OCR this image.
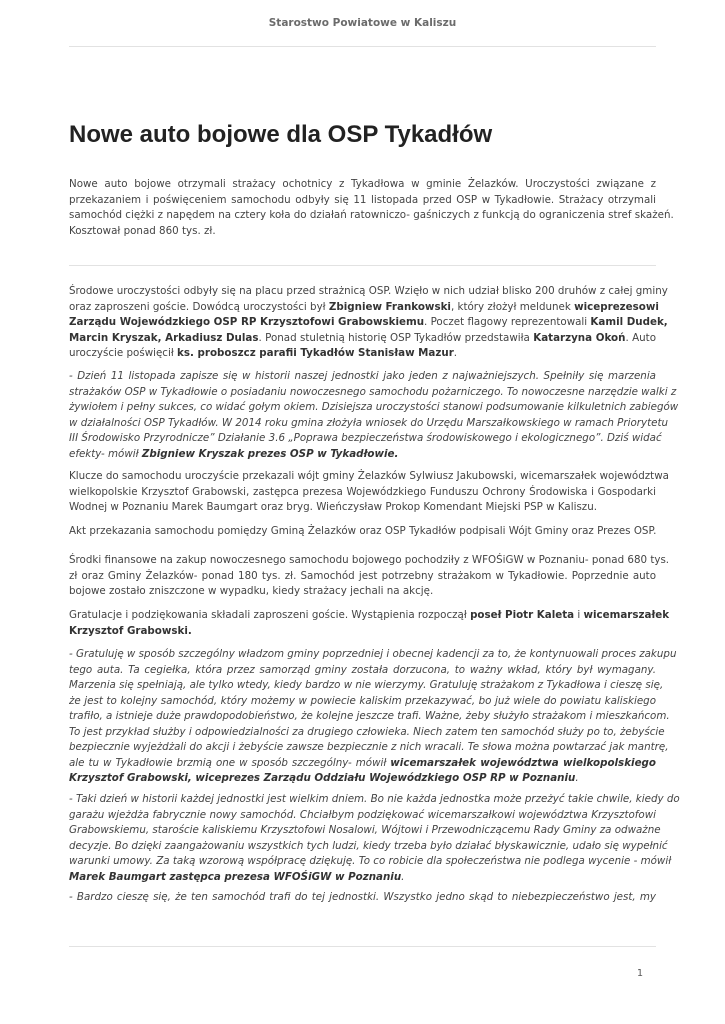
Starostwo Powiatowe w Kaliszu
Nowe auto bojowe dla OSP Tykadłów
Nowe auto bojowe otrzymali strażacy ochotnicy z Tykadłowa w gminie Żelazków. Uroczystości związane z
przekazaniem i poświęceniem samochodu odbyły się 11 listopada przed OSP w Tykadłowie. Strażacy otrzymali
samochód ciężki z napędem na cztery koła do działań ratowniczo- gaśniczych z funkcją do ograniczenia stref skażeń.
Kosztował ponad 860 tys. zł.
Środowe uroczystości odbyły się na placu przed strażnicą OSP. Wzięło w nich udział blisko 200 druhów z całej gminy
oraz zaproszeni goście. Dowódcą uroczystości był Zbigniew Frankowski, który złożył meldunek wiceprezesowi
Zarządu Wojewódzkiego OSP RP Krzysztofowi Grabowskiemu. Poczet flagowy reprezentowali Kamil Dudek,
Marcin Kryszak, Arkadiusz Dulas. Ponad stuletnią historię OSP Tykadłów przedstawiła Katarzyna Okoń. Auto
uroczyście poświęcił ks. proboszcz parafii Tykadłów Stanisław Mazur.
- Dzień 11 listopada zapisze się w historii naszej jednostki jako jeden z najważniejszych. Spełniły się marzenia
strażaków OSP w Tykadłowie o posiadaniu nowoczesnego samochodu pożarniczego. To nowoczesne narzędzie walki z
żywiołem i pełny sukces, co widać gołym okiem. Dzisiejsza uroczystości stanowi podsumowanie kilkuletnich zabiegów
w działalności OSP Tykadłów. W 2014 roku gmina złożyła wniosek do Urzędu Marszałkowskiego w ramach Priorytetu
III Środowisko Przyrodnicze” Działanie 3.6 „Poprawa bezpieczeństwa środowiskowego i ekologicznego”. Dziś widać
efekty- mówił Zbigniew Kryszak prezes OSP w Tykadłowie.
Klucze do samochodu uroczyście przekazali wójt gminy Żelazków Sylwiusz Jakubowski, wicemarszałek województwa
wielkopolskie Krzysztof Grabowski, zastępca prezesa Wojewódzkiego Funduszu Ochrony Środowiska i Gospodarki
Wodnej w Poznaniu Marek Baumgart oraz bryg. Wieńczysław Prokop Komendant Miejski PSP w Kaliszu.
Akt przekazania samochodu pomiędzy Gminą Żelazków oraz OSP Tykadłów podpisali Wójt Gminy oraz Prezes OSP.
Środki finansowe na zakup nowoczesnego samochodu bojowego pochodziły z WFOŚiGW w Poznaniu- ponad 680 tys.
zł oraz Gminy Żelazków- ponad 180 tys. zł. Samochód jest potrzebny strażakom w Tykadłowie. Poprzednie auto
bojowe zostało zniszczone w wypadku, kiedy strażacy jechali na akcję.
Gratulacje i podziękowania składali zaproszeni goście. Wystąpienia rozpoczął poseł Piotr Kaleta i wicemarszałek
Krzysztof Grabowski.
- Gratuluję w sposób szczególny władzom gminy poprzedniej i obecnej kadencji za to, że kontynuowali proces zakupu
tego auta. Ta cegiełka, która przez samorząd gminy została dorzucona, to ważny wkład, który był wymagany.
Marzenia się spełniają, ale tylko wtedy, kiedy bardzo w nie wierzymy. Gratuluję strażakom z Tykadłowa i cieszę się,
że jest to kolejny samochód, który możemy w powiecie kaliskim przekazywać, bo już wiele do powiatu kaliskiego
trafiło, a istnieje duże prawdopodobieństwo, że kolejne jeszcze trafi. Ważne, żeby służyło strażakom i mieszkańcom.
To jest przykład służby i odpowiedzialności za drugiego człowieka. Niech zatem ten samochód służy po to, żebyście
bezpiecznie wyjeżdżali do akcji i żebyście zawsze bezpiecznie z nich wracali. Te słowa można powtarzać jak mantrę,
ale tu w Tykadłowie brzmią one w sposób szczególny- mówił wicemarszałek województwa wielkopolskiego
Krzysztof Grabowski, wiceprezes Zarządu Oddziału Wojewódzkiego OSP RP w Poznaniu.
- Taki dzień w historii każdej jednostki jest wielkim dniem. Bo nie każda jednostka może przeżyć takie chwile, kiedy do
garażu wjeżdża fabrycznie nowy samochód. Chciałbym podziękować wicemarszałkowi województwa Krzysztofowi
Grabowskiemu, staroście kaliskiemu Krzysztofowi Nosalowi, Wójtowi i Przewodniczącemu Rady Gminy za odważne
decyzje. Bo dzięki zaangażowaniu wszystkich tych ludzi, kiedy trzeba było działać błyskawicznie, udało się wypełnić
warunki umowy. Za taką wzorową współpracę dziękuję. To co robicie dla społeczeństwa nie podlega wycenie - mówił
Marek Baumgart zastępca prezesa WFOŚiGW w Poznaniu.
- Bardzo cieszę się, że ten samochód trafi do tej jednostki. Wszystko jedno skąd to niebezpieczeństwo jest, my
1
